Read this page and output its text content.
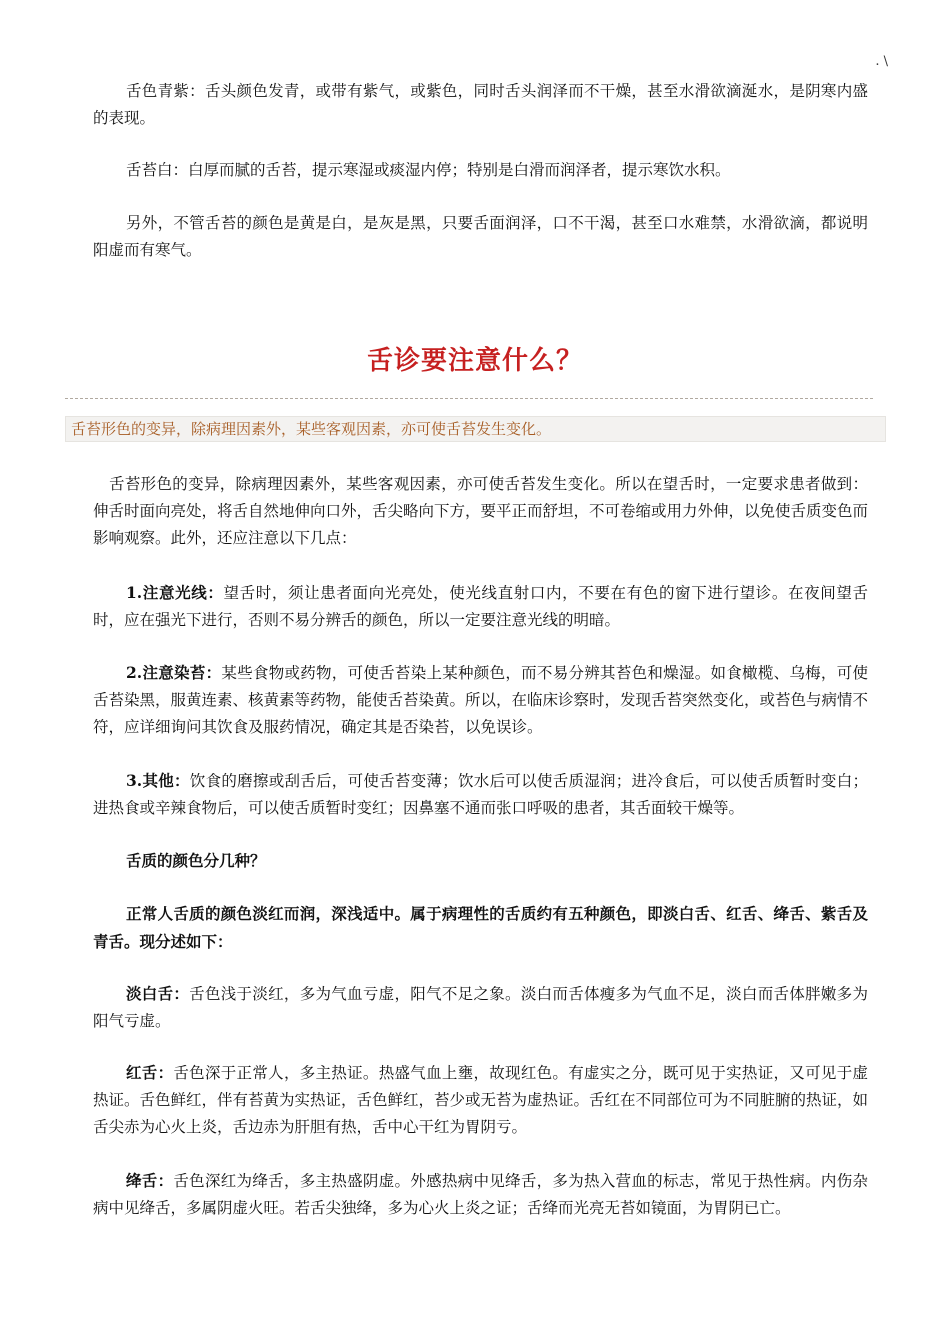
. \

舌色青紫：舌头颜色发青，或带有紫气，或紫色，同时舌头润泽而不干燥，甚至水滑欲滴涎水，是阴寒内盛的表现。

舌苔白：白厚而腻的舌苔，提示寒湿或痰湿内停；特别是白滑而润泽者，提示寒饮水积。

另外，不管舌苔的颜色是黄是白，是灰是黑，只要舌面润泽，口不干渴，甚至口水难禁，水滑欲滴，都说明阳虚而有寒气。

舌诊要注意什么？
舌苔形色的变异，除病理因素外，某些客观因素，亦可使舌苔发生变化。

舌苔形色的变异，除病理因素外，某些客观因素，亦可使舌苔发生变化。所以在望舌时，一定要求患者做到：伸舌时面向亮处，将舌自然地伸向口外，舌尖略向下方，要平正而舒坦，不可卷缩或用力外伸，以免使舌质变色而影响观察。此外，还应注意以下几点：

1.注意光线：望舌时，须让患者面向光亮处，使光线直射口内，不要在有色的窗下进行望诊。在夜间望舌时，应在强光下进行，否则不易分辨舌的颜色，所以一定要注意光线的明暗。

2.注意染苔：某些食物或药物，可使舌苔染上某种颜色，而不易分辨其苔色和燥湿。如食橄榄、乌梅，可使舌苔染黑，服黄连素、核黄素等药物，能使舌苔染黄。所以，在临床诊察时，发现舌苔突然变化，或苔色与病情不符，应详细询问其饮食及服药情况，确定其是否染苔，以免误诊。

3.其他：饮食的磨擦或刮舌后，可使舌苔变薄；饮水后可以使舌质湿润；进冷食后，可以使舌质暂时变白；进热食或辛辣食物后，可以使舌质暂时变红；因鼻塞不通而张口呼吸的患者，其舌面较干燥等。

舌质的颜色分几种？

正常人舌质的颜色淡红而润，深浅适中。属于病理性的舌质约有五种颜色，即淡白舌、红舌、绛舌、紫舌及青舌。现分述如下：

淡白舌：舌色浅于淡红，多为气血亏虚，阳气不足之象。淡白而舌体瘦多为气血不足，淡白而舌体胖嫩多为阳气亏虚。

红舌：舌色深于正常人，多主热证。热盛气血上壅，故现红色。有虚实之分，既可见于实热证，又可见于虚热证。舌色鲜红，伴有苔黄为实热证，舌色鲜红，苔少或无苔为虚热证。舌红在不同部位可为不同脏腑的热证，如舌尖赤为心火上炎，舌边赤为肝胆有热，舌中心干红为胃阴亏。

绛舌：舌色深红为绛舌，多主热盛阴虚。外感热病中见绛舌，多为热入营血的标志，常见于热性病。内伤杂病中见绛舌，多属阴虚火旺。若舌尖独绛，多为心火上炎之证；舌绛而光亮无苔如镜面，为胃阴已亡。
